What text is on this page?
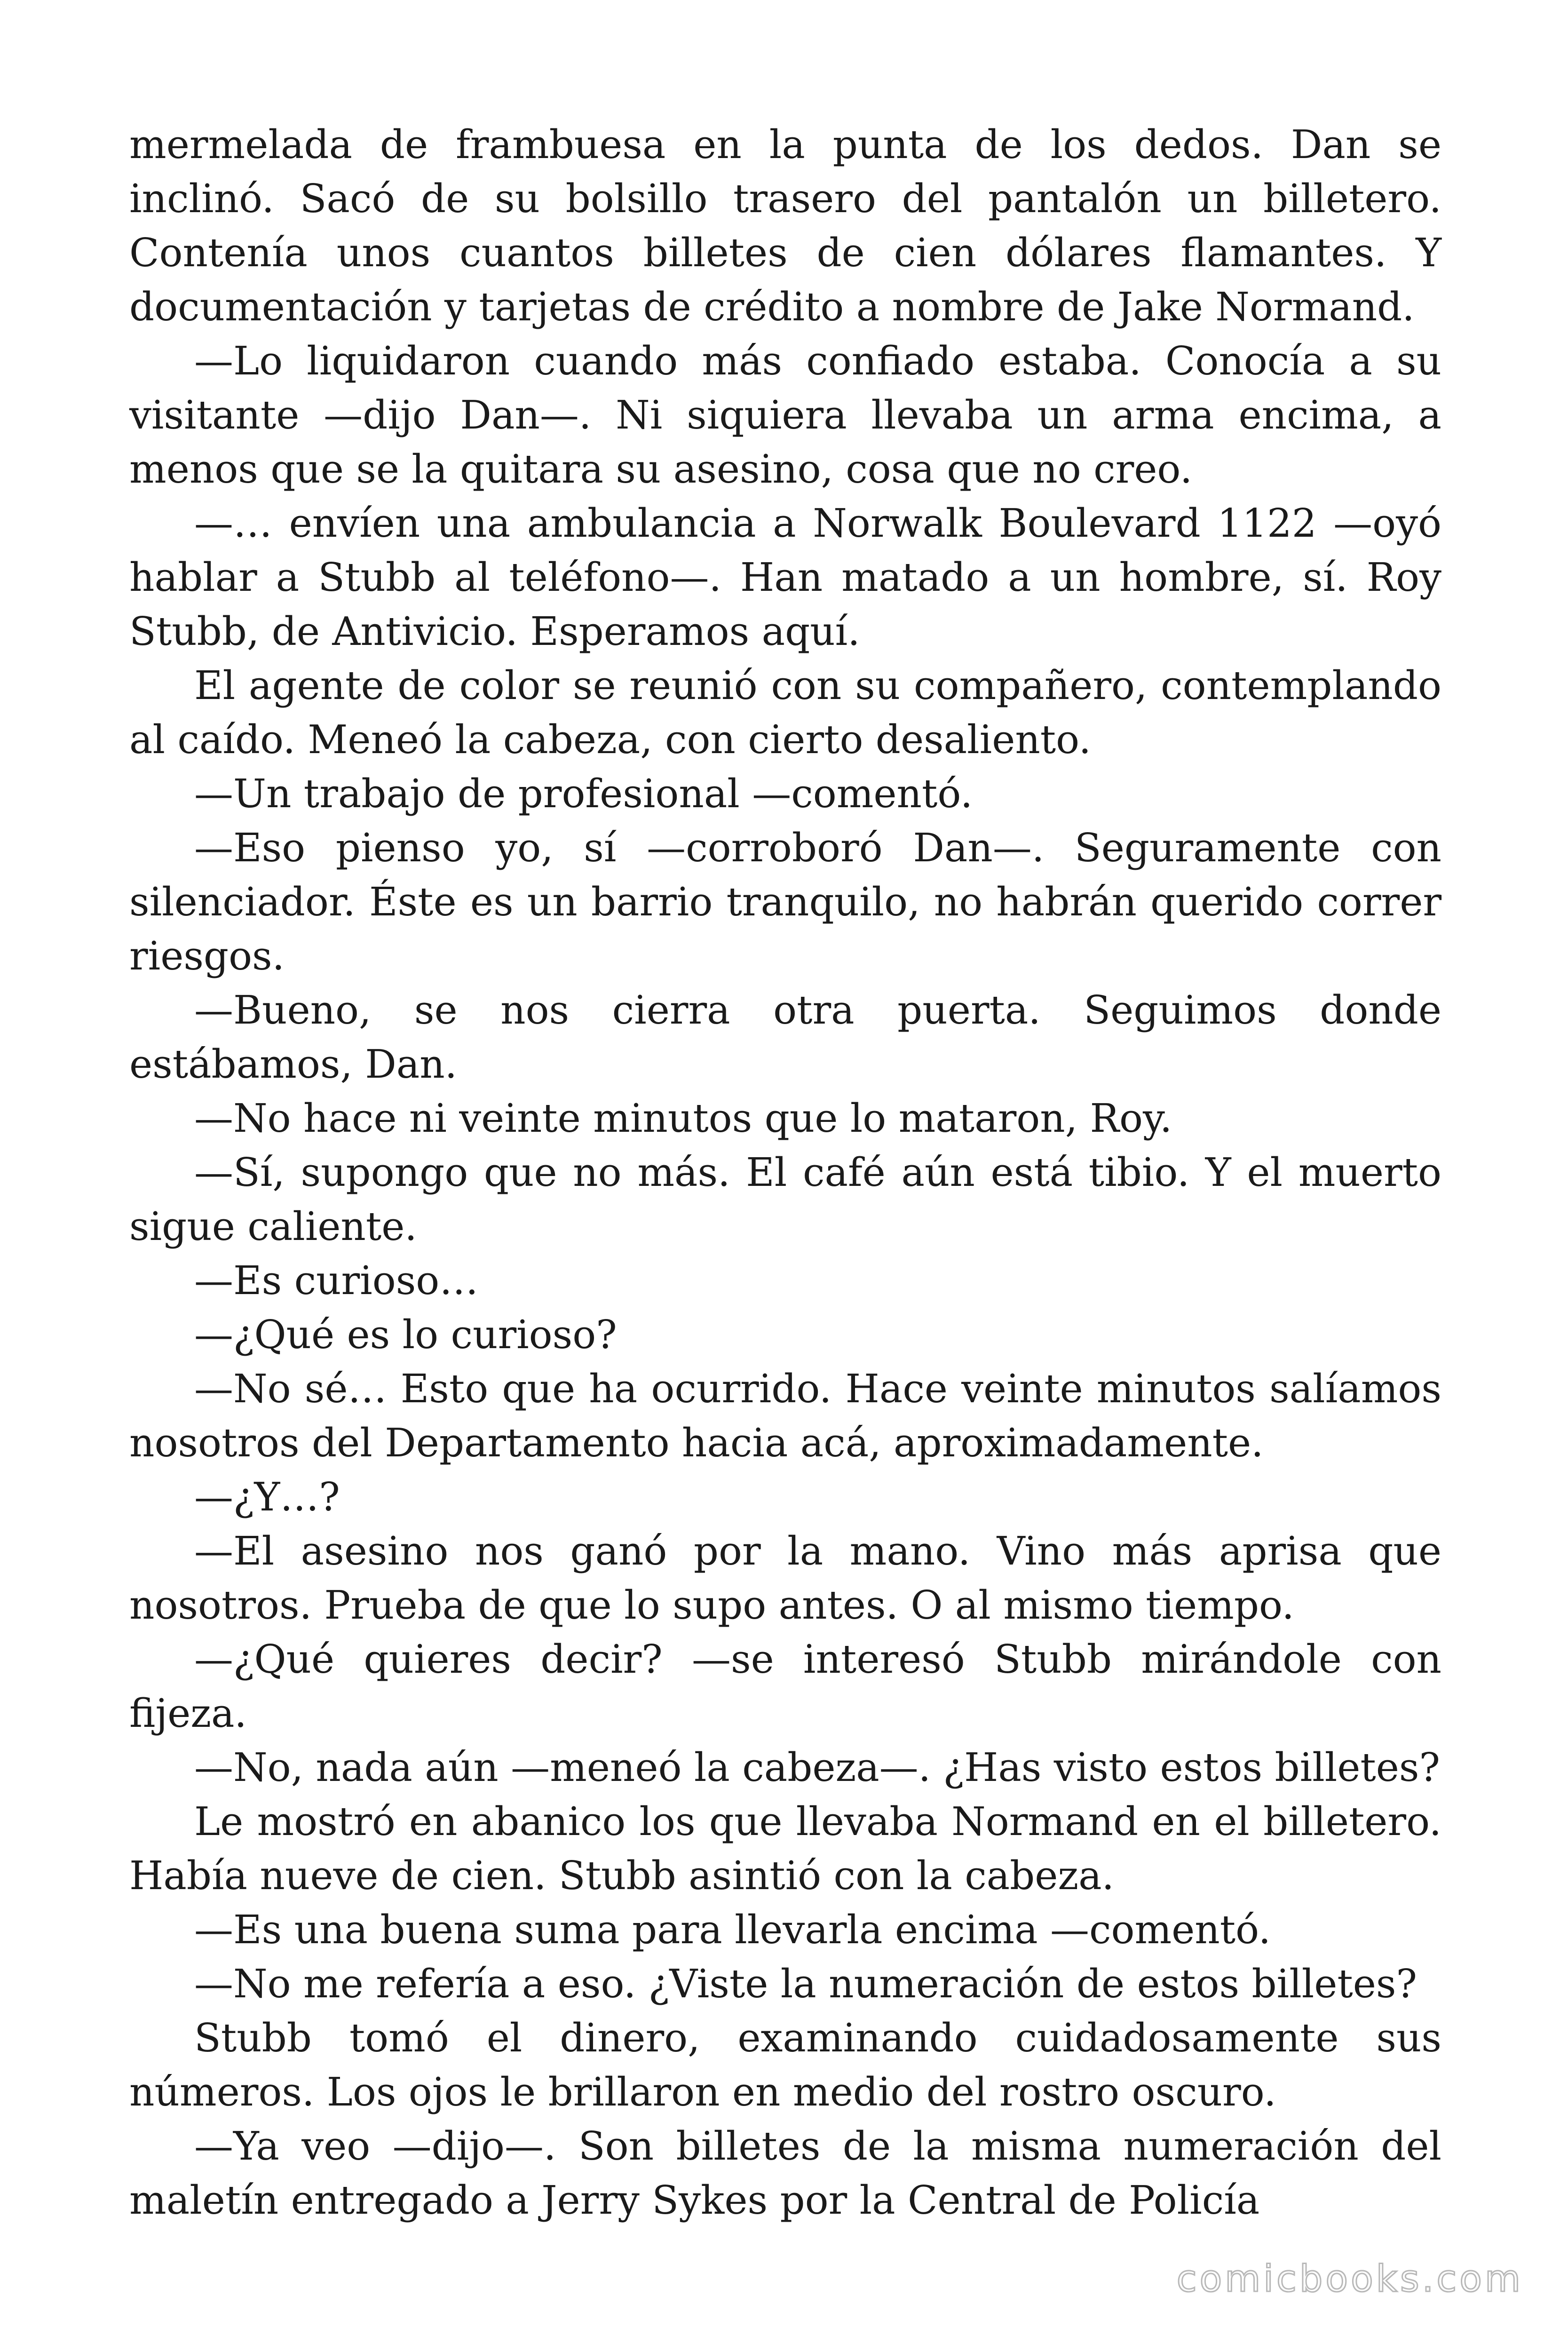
mermelada de frambuesa en la punta de los dedos. Dan se inclinó. Sacó de su bolsillo trasero del pantalón un billetero. Contenía unos cuantos billetes de cien dólares flamantes. Y documentación y tarjetas de crédito a nombre de Jake Normand.

—Lo liquidaron cuando más confiado estaba. Conocía a su visitante —dijo Dan—. Ni siquiera llevaba un arma encima, a menos que se la quitara su asesino, cosa que no creo.

—… envíen una ambulancia a Norwalk Boulevard 1122 —oyó hablar a Stubb al teléfono—. Han matado a un hombre, sí. Roy Stubb, de Antivicio. Esperamos aquí.

El agente de color se reunió con su compañero, contemplando al caído. Meneó la cabeza, con cierto desaliento.

—Un trabajo de profesional —comentó.

—Eso pienso yo, sí —corroboró Dan—. Seguramente con silenciador. Éste es un barrio tranquilo, no habrán querido correr riesgos.

—Bueno, se nos cierra otra puerta. Seguimos donde estábamos, Dan.

—No hace ni veinte minutos que lo mataron, Roy.

—Sí, supongo que no más. El café aún está tibio. Y el muerto sigue caliente.

—Es curioso…

—¿Qué es lo curioso?

—No sé… Esto que ha ocurrido. Hace veinte minutos salíamos nosotros del Departamento hacia acá, aproximadamente.

—¿Y…?

—El asesino nos ganó por la mano. Vino más aprisa que nosotros. Prueba de que lo supo antes. O al mismo tiempo.

—¿Qué quieres decir? —se interesó Stubb mirándole con fijeza.

—No, nada aún —meneó la cabeza—. ¿Has visto estos billetes?

Le mostró en abanico los que llevaba Normand en el billetero. Había nueve de cien. Stubb asintió con la cabeza.

—Es una buena suma para llevarla encima —comentó.

—No me refería a eso. ¿Viste la numeración de estos billetes?

Stubb tomó el dinero, examinando cuidadosamente sus números. Los ojos le brillaron en medio del rostro oscuro.

—Ya veo —dijo—. Son billetes de la misma numeración del maletín entregado a Jerry Sykes por la Central de Policía

comicbooks.com
